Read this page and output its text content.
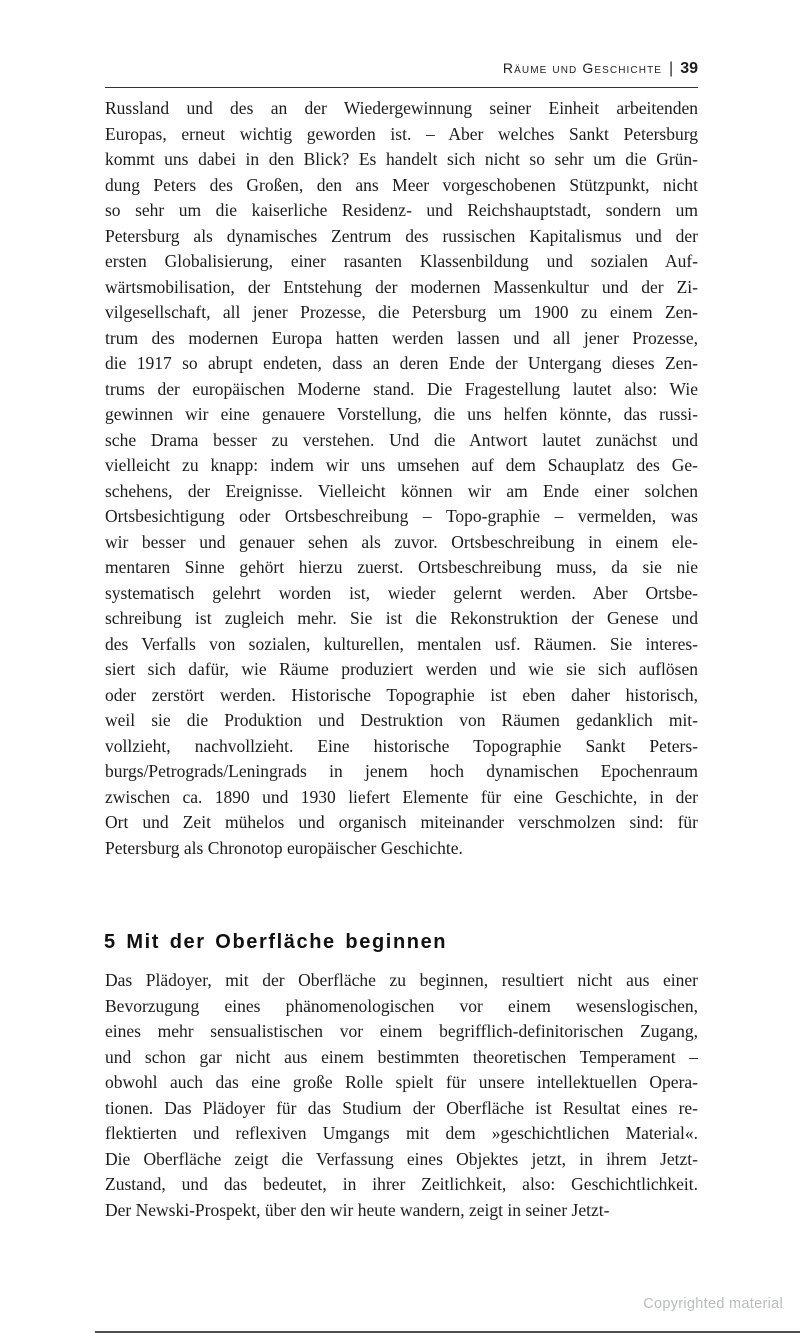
Räume und Geschichte | 39
Russland und des an der Wiedergewinnung seiner Einheit arbeitenden
Europas, erneut wichtig geworden ist. – Aber welches Sankt Petersburg
kommt uns dabei in den Blick? Es handelt sich nicht so sehr um die Grün-
dung Peters des Großen, den ans Meer vorgeschobenen Stützpunkt, nicht
so sehr um die kaiserliche Residenz- und Reichshauptstadt, sondern um
Petersburg als dynamisches Zentrum des russischen Kapitalismus und der
ersten Globalisierung, einer rasanten Klassenbildung und sozialen Auf-
wärtsmobilisation, der Entstehung der modernen Massenkultur und der Zi-
vilgesellschaft, all jener Prozesse, die Petersburg um 1900 zu einem Zen-
trum des modernen Europa hatten werden lassen und all jener Prozesse,
die 1917 so abrupt endeten, dass an deren Ende der Untergang dieses Zen-
trums der europäischen Moderne stand. Die Fragestellung lautet also: Wie
gewinnen wir eine genauere Vorstellung, die uns helfen könnte, das russi-
sche Drama besser zu verstehen. Und die Antwort lautet zunächst und
vielleicht zu knapp: indem wir uns umsehen auf dem Schauplatz des Ge-
schehens, der Ereignisse. Vielleicht können wir am Ende einer solchen
Ortsbesichtigung oder Ortsbeschreibung – Topo-graphie – vermelden, was
wir besser und genauer sehen als zuvor. Ortsbeschreibung in einem ele-
mentaren Sinne gehört hierzu zuerst. Ortsbeschreibung muss, da sie nie
systematisch gelehrt worden ist, wieder gelernt werden. Aber Ortsbe-
schreibung ist zugleich mehr. Sie ist die Rekonstruktion der Genese und
des Verfalls von sozialen, kulturellen, mentalen usf. Räumen. Sie interes-
siert sich dafür, wie Räume produziert werden und wie sie sich auflösen
oder zerstört werden. Historische Topographie ist eben daher historisch,
weil sie die Produktion und Destruktion von Räumen gedanklich mit-
vollzieht, nachvollzieht. Eine historische Topographie Sankt Peters-
burgs/Petrograds/Leningrads in jenem hoch dynamischen Epochenraum
zwischen ca. 1890 und 1930 liefert Elemente für eine Geschichte, in der
Ort und Zeit mühelos und organisch miteinander verschmolzen sind: für
Petersburg als Chronotop europäischer Geschichte.
5 Mit der Oberfläche beginnen
Das Plädoyer, mit der Oberfläche zu beginnen, resultiert nicht aus einer
Bevorzugung eines phänomenologischen vor einem wesenslogischen,
eines mehr sensualistischen vor einem begrifflich-definitorischen Zugang,
und schon gar nicht aus einem bestimmten theoretischen Temperament –
obwohl auch das eine große Rolle spielt für unsere intellektuellen Opera-
tionen. Das Plädoyer für das Studium der Oberfläche ist Resultat eines re-
flektierten und reflexiven Umgangs mit dem »geschichtlichen Material«.
Die Oberfläche zeigt die Verfassung eines Objektes jetzt, in ihrem Jetzt-
Zustand, und das bedeutet, in ihrer Zeitlichkeit, also: Geschichtlichkeit.
Der Newski-Prospekt, über den wir heute wandern, zeigt in seiner Jetzt-
Copyrighted material
